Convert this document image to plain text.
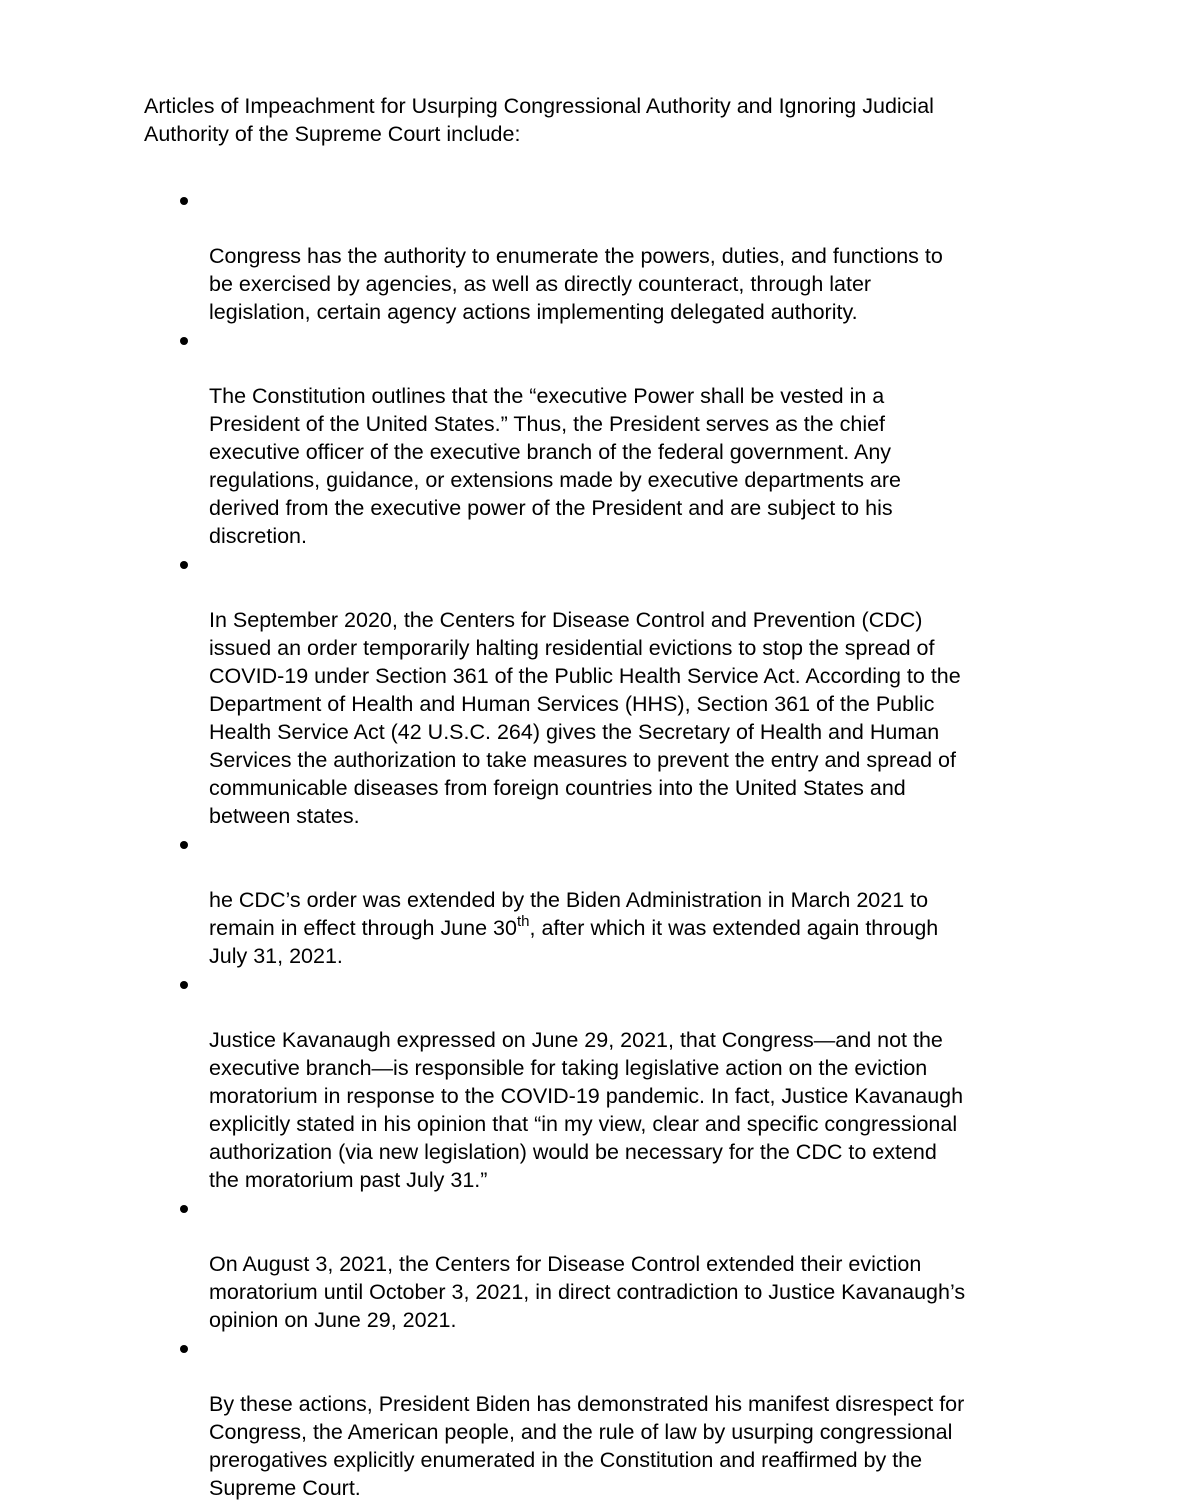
Articles of Impeachment for Usurping Congressional Authority and Ignoring Judicial
Authority of the Supreme Court include:

Congress has the authority to enumerate the powers, duties, and functions to
be exercised by agencies, as well as directly counteract, through later
legislation, certain agency actions implementing delegated authority.

The Constitution outlines that the “executive Power shall be vested in a
President of the United States.” Thus, the President serves as the chief
executive officer of the executive branch of the federal government. Any
regulations, guidance, or extensions made by executive departments are
derived from the executive power of the President and are subject to his
discretion.

In September 2020, the Centers for Disease Control and Prevention (CDC)
issued an order temporarily halting residential evictions to stop the spread of
COVID-19 under Section 361 of the Public Health Service Act. According to the
Department of Health and Human Services (HHS), Section 361 of the Public
Health Service Act (42 U.S.C. 264) gives the Secretary of Health and Human
Services the authorization to take measures to prevent the entry and spread of
communicable diseases from foreign countries into the United States and
between states.

he CDC’s order was extended by the Biden Administration in March 2021 to
remain in effect through June 30th, after which it was extended again through
July 31, 2021.

Justice Kavanaugh expressed on June 29, 2021, that Congress—and not the
executive branch—is responsible for taking legislative action on the eviction
moratorium in response to the COVID-19 pandemic. In fact, Justice Kavanaugh
explicitly stated in his opinion that “in my view, clear and specific congressional
authorization (via new legislation) would be necessary for the CDC to extend
the moratorium past July 31.”

On August 3, 2021, the Centers for Disease Control extended their eviction
moratorium until October 3, 2021, in direct contradiction to Justice Kavanaugh’s
opinion on June 29, 2021.

By these actions, President Biden has demonstrated his manifest disrespect for
Congress, the American people, and the rule of law by usurping congressional
prerogatives explicitly enumerated in the Constitution and reaffirmed by the
Supreme Court.
